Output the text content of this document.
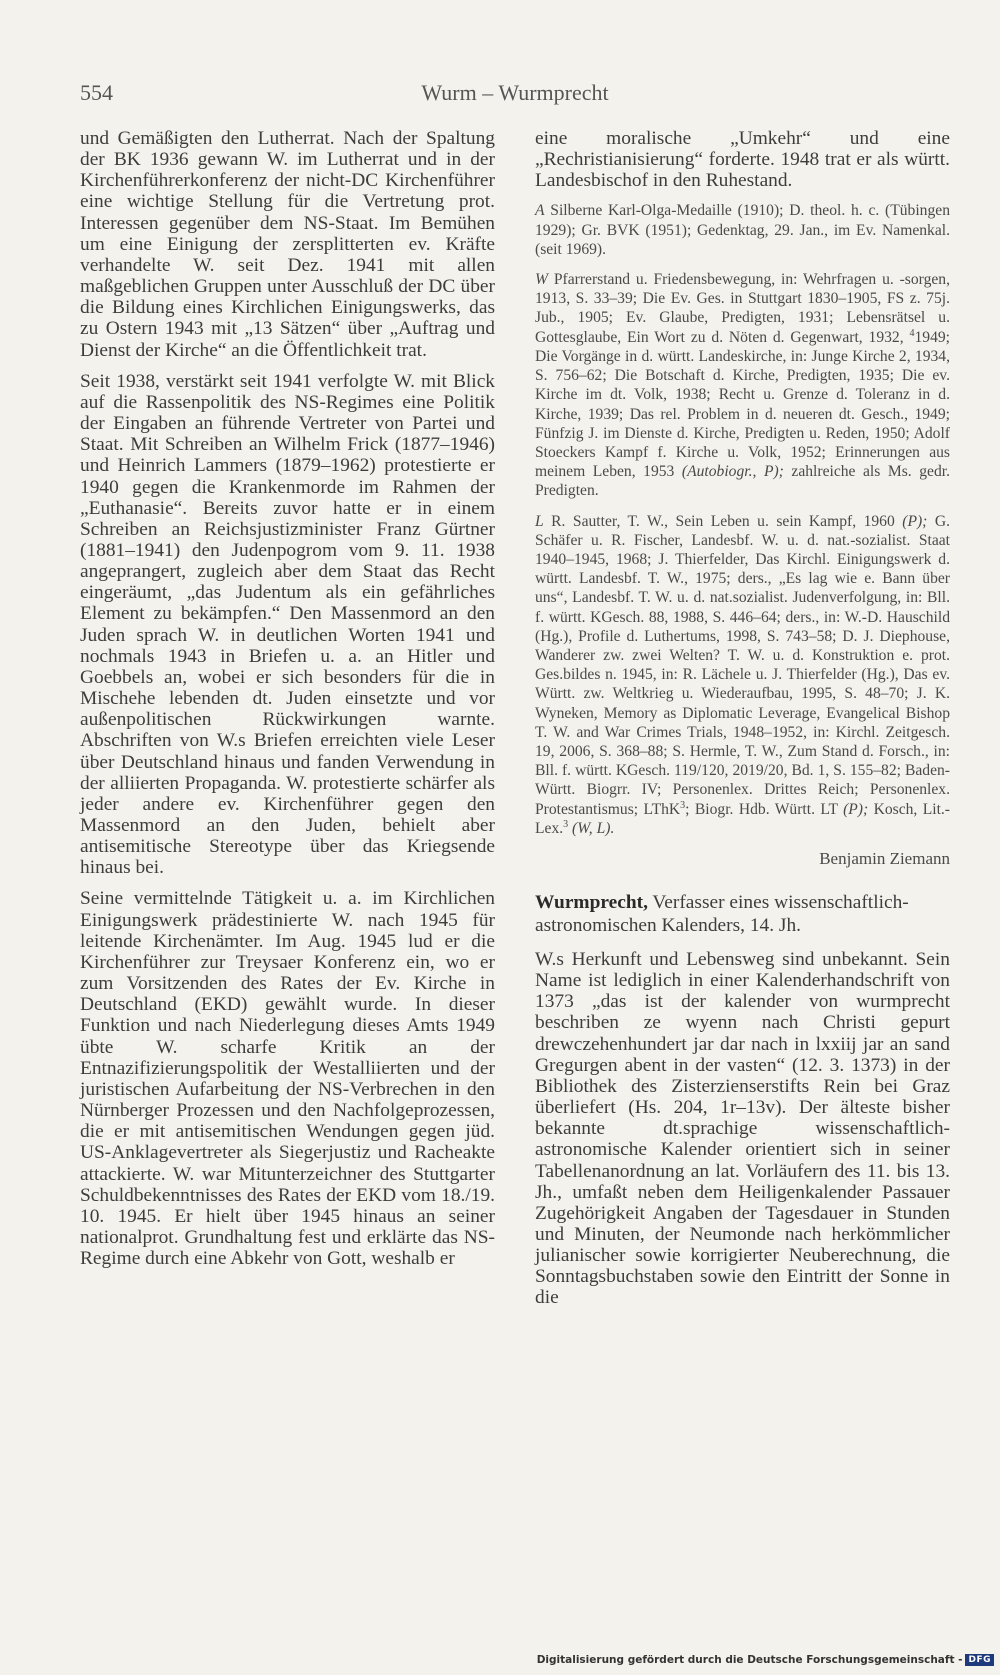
554	Wurm – Wurmprecht

und Gemäßigten den Lutherrat. Nach der Spaltung der BK 1936 gewann W. im Lutherrat und in der Kirchenführerkonferenz der nicht-DC Kirchenführer eine wichtige Stellung für die Vertretung prot. Interessen gegenüber dem NS-Staat. Im Bemühen um eine Einigung der zersplitterten ev. Kräfte verhandelte W. seit Dez. 1941 mit allen maßgeblichen Gruppen unter Ausschluß der DC über die Bildung eines Kirchlichen Einigungswerks, das zu Ostern 1943 mit „13 Sätzen“ über „Auftrag und Dienst der Kirche“ an die Öffentlichkeit trat.

Seit 1938, verstärkt seit 1941 verfolgte W. mit Blick auf die Rassenpolitik des NS-Regimes eine Politik der Eingaben an führende Vertreter von Partei und Staat. Mit Schreiben an Wilhelm Frick (1877–1946) und Heinrich Lammers (1879–1962) protestierte er 1940 gegen die Krankenmorde im Rahmen der „Euthanasie“. Bereits zuvor hatte er in einem Schreiben an Reichsjustizminister Franz Gürtner (1881–1941) den Judenpogrom vom 9. 11. 1938 angeprangert, zugleich aber dem Staat das Recht eingeräumt, „das Judentum als ein gefährliches Element zu bekämpfen.“ Den Massenmord an den Juden sprach W. in deutlichen Worten 1941 und nochmals 1943 in Briefen u. a. an Hitler und Goebbels an, wobei er sich besonders für die in Mischehe lebenden dt. Juden einsetzte und vor außenpolitischen Rückwirkungen warnte. Abschriften von W.s Briefen erreichten viele Leser über Deutschland hinaus und fanden Verwendung in der alliierten Propaganda. W. protestierte schärfer als jeder andere ev. Kirchenführer gegen den Massenmord an den Juden, behielt aber antisemitische Stereotype über das Kriegsende hinaus bei.

Seine vermittelnde Tätigkeit u. a. im Kirchlichen Einigungswerk prädestinierte W. nach 1945 für leitende Kirchenämter. Im Aug. 1945 lud er die Kirchenführer zur Treysaer Konferenz ein, wo er zum Vorsitzenden des Rates der Ev. Kirche in Deutschland (EKD) gewählt wurde. In dieser Funktion und nach Niederlegung dieses Amts 1949 übte W. scharfe Kritik an der Entnazifizierungspolitik der Westalliierten und der juristischen Aufarbeitung der NS-Verbrechen in den Nürnberger Prozessen und den Nachfolgeprozessen, die er mit antisemitischen Wendungen gegen jüd. US-Anklagevertreter als Siegerjustiz und Racheakte attackierte. W. war Mitunterzeichner des Stuttgarter Schuldbekenntnisses des Rates der EKD vom 18./19. 10. 1945. Er hielt über 1945 hinaus an seiner nationalprot. Grundhaltung fest und erklärte das NS-Regime durch eine Abkehr von Gott, weshalb er

eine moralische „Umkehr“ und eine „Rechristianisierung“ forderte. 1948 trat er als württ. Landesbischof in den Ruhestand.

A Silberne Karl-Olga-Medaille (1910); D. theol. h. c. (Tübingen 1929); Gr. BVK (1951); Gedenktag, 29. Jan., im Ev. Namenkal. (seit 1969).

W Pfarrerstand u. Friedensbewegung, in: Wehrfragen u. -sorgen, 1913, S. 33–39; Die Ev. Ges. in Stuttgart 1830–1905, FS z. 75j. Jub., 1905; Ev. Glaube, Predigten, 1931; Lebensrätsel u. Gottesglaube, Ein Wort zu d. Nöten d. Gegenwart, 1932, $^4$1949; Die Vorgänge in d. württ. Landeskirche, in: Junge Kirche 2, 1934, S. 756–62; Die Botschaft d. Kirche, Predigten, 1935; Die ev. Kirche im dt. Volk, 1938; Recht u. Grenze d. Toleranz in d. Kirche, 1939; Das rel. Problem in d. neueren dt. Gesch., 1949; Fünfzig J. im Dienste d. Kirche, Predigten u. Reden, 1950; Adolf Stoeckers Kampf f. Kirche u. Volk, 1952; Erinnerungen aus meinem Leben, 1953 (Autobiogr., P); zahlreiche als Ms. gedr. Predigten.

L R. Sautter, T. W., Sein Leben u. sein Kampf, 1960 (P); G. Schäfer u. R. Fischer, Landesbf. W. u. d. nat.-sozialist. Staat 1940–1945, 1968; J. Thierfelder, Das Kirchl. Einigungswerk d. württ. Landesbf. T. W., 1975; ders., „Es lag wie e. Bann über uns“, Landesbf. T. W. u. d. nat.sozialist. Judenverfolgung, in: Bll. f. württ. KGesch. 88, 1988, S. 446–64; ders., in: W.-D. Hauschild (Hg.), Profile d. Luthertums, 1998, S. 743–58; D. J. Diephouse, Wanderer zw. zwei Welten? T. W. u. d. Konstruktion e. prot. Ges.bildes n. 1945, in: R. Lächele u. J. Thierfelder (Hg.), Das ev. Württ. zw. Weltkrieg u. Wiederaufbau, 1995, S. 48–70; J. K. Wyneken, Memory as Diplomatic Leverage, Evangelical Bishop T. W. and War Crimes Trials, 1948–1952, in: Kirchl. Zeitgesch. 19, 2006, S. 368–88; S. Hermle, T. W., Zum Stand d. Forsch., in: Bll. f. württ. KGesch. 119/120, 2019/20, Bd. 1, S. 155–82; Baden-Württ. Biogrr. IV; Personenlex. Drittes Reich; Personenlex. Protestantismus; LThK$^3$; Biogr. Hdb. Württ. LT (P); Kosch, Lit.-Lex.$^3$ (W, L).

Benjamin Ziemann

Wurmprecht, Verfasser eines wissenschaftlich-astronomischen Kalenders, 14. Jh.

W.s Herkunft und Lebensweg sind unbekannt. Sein Name ist lediglich in einer Kalenderhandschrift von 1373 „das ist der kalender von wurmprecht beschriben ze wyenn nach Christi gepurt drewczehenhundert jar dar nach in lxxiij jar an sand Gregurgen abent in der vasten“ (12. 3. 1373) in der Bibliothek des Zisterzienserstifts Rein bei Graz überliefert (Hs. 204, 1r–13v). Der älteste bisher bekannte dt.sprachige wissenschaftlich-astronomische Kalender orientiert sich in seiner Tabellenanordnung an lat. Vorläufern des 11. bis 13. Jh., umfaßt neben dem Heiligenkalender Passauer Zugehörigkeit Angaben der Tagesdauer in Stunden und Minuten, der Neumonde nach herkömmlicher julianischer sowie korrigierter Neuberechnung, die Sonntagsbuchstaben sowie den Eintritt der Sonne in die

Digitalisierung gefördert durch die Deutsche Forschungsgemeinschaft - DFG
